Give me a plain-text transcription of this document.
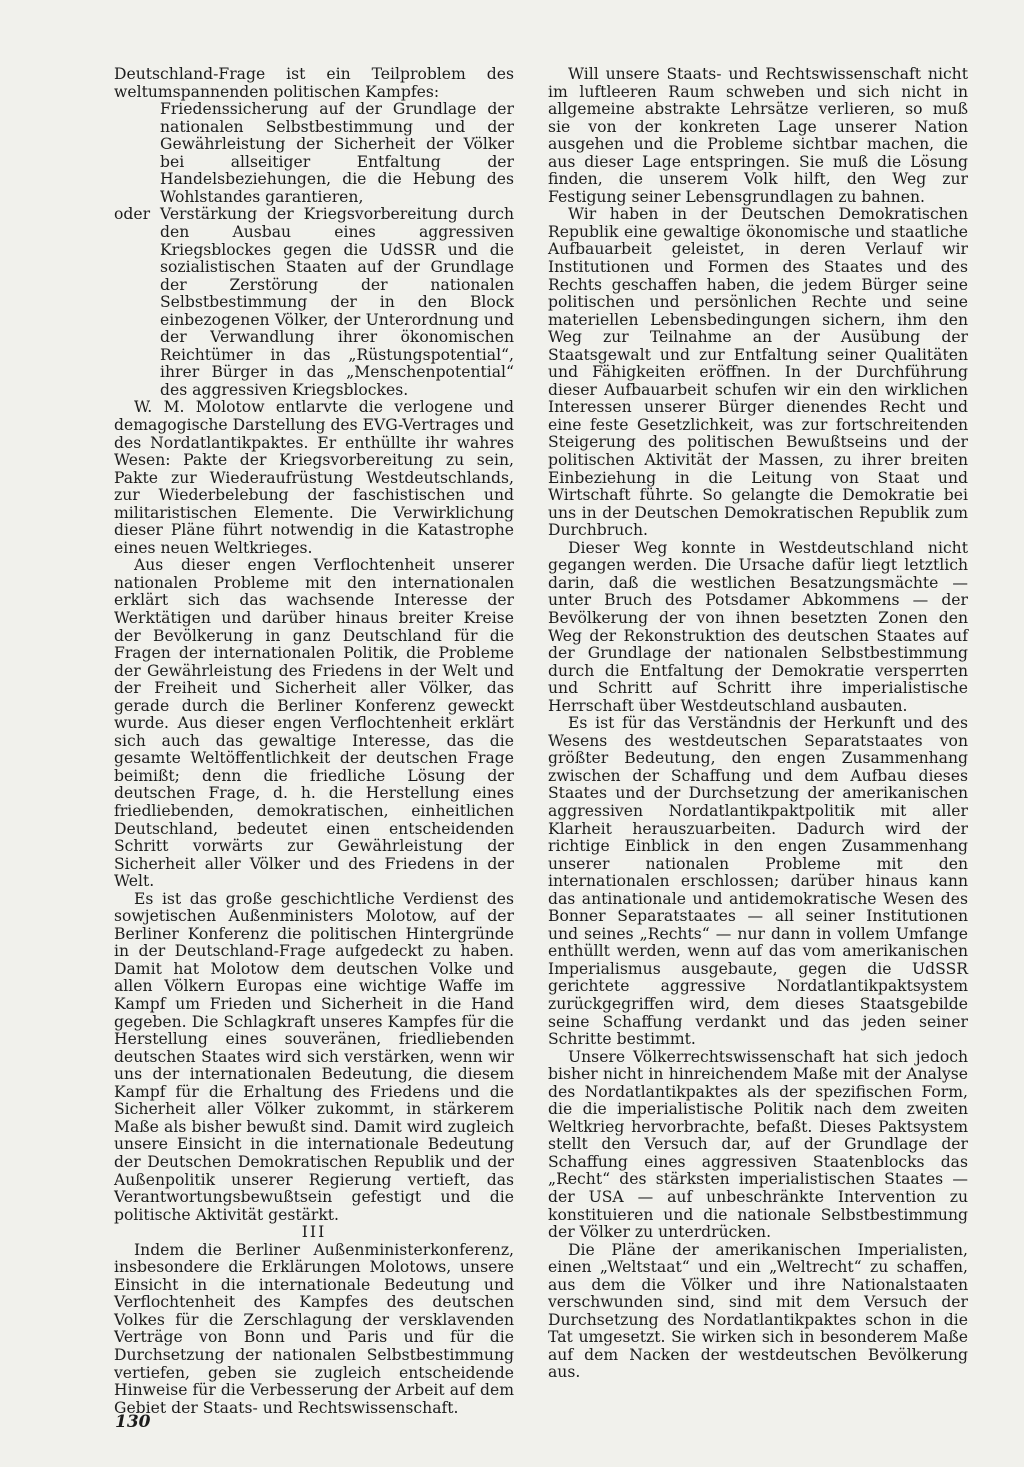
Deutschland-Frage ist ein Teilproblem des weltumspannenden politischen Kampfes:

Friedenssicherung auf der Grundlage der nationalen Selbstbestimmung und der Gewährleistung der Sicherheit der Völker bei allseitiger Entfaltung der Handelsbeziehungen, die die Hebung des Wohlstandes garantieren,

oder Verstärkung der Kriegsvorbereitung durch den Ausbau eines aggressiven Kriegsblockes gegen die UdSSR und die sozialistischen Staaten auf der Grundlage der Zerstörung der nationalen Selbstbestimmung der in den Block einbezogenen Völker, der Unterordnung und der Verwandlung ihrer ökonomischen Reichtümer in das „Rüstungspotential“, ihrer Bürger in das „Menschenpotential“ des aggressiven Kriegsblockes.

W. M. Molotow entlarvte die verlogene und demagogische Darstellung des EVG-Vertrages und des Nordatlantikpaktes. Er enthüllte ihr wahres Wesen: Pakte der Kriegsvorbereitung zu sein, Pakte zur Wiederaufrüstung Westdeutschlands, zur Wiederbelebung der faschistischen und militaristischen Elemente. Die Verwirklichung dieser Pläne führt notwendig in die Katastrophe eines neuen Weltkrieges.

Aus dieser engen Verflochtenheit unserer nationalen Probleme mit den internationalen erklärt sich das wachsende Interesse der Werktätigen und darüber hinaus breiter Kreise der Bevölkerung in ganz Deutschland für die Fragen der internationalen Politik, die Probleme der Gewährleistung des Friedens in der Welt und der Freiheit und Sicherheit aller Völker, das gerade durch die Berliner Konferenz geweckt wurde. Aus dieser engen Verflochtenheit erklärt sich auch das gewaltige Interesse, das die gesamte Weltöffentlichkeit der deutschen Frage beimißt; denn die friedliche Lösung der deutschen Frage, d. h. die Herstellung eines friedliebenden, demokratischen, einheitlichen Deutschland, bedeutet einen entscheidenden Schritt vorwärts zur Gewährleistung der Sicherheit aller Völker und des Friedens in der Welt.

Es ist das große geschichtliche Verdienst des sowjetischen Außenministers Molotow, auf der Berliner Konferenz die politischen Hintergründe in der Deutschland-Frage aufgedeckt zu haben. Damit hat Molotow dem deutschen Volke und allen Völkern Europas eine wichtige Waffe im Kampf um Frieden und Sicherheit in die Hand gegeben. Die Schlagkraft unseres Kampfes für die Herstellung eines souveränen, friedliebenden deutschen Staates wird sich verstärken, wenn wir uns der internationalen Bedeutung, die diesem Kampf für die Erhaltung des Friedens und die Sicherheit aller Völker zukommt, in stärkerem Maße als bisher bewußt sind. Damit wird zugleich unsere Einsicht in die internationale Bedeutung der Deutschen Demokratischen Republik und der Außenpolitik unserer Regierung vertieft, das Verantwortungsbewußtsein gefestigt und die politische Aktivität gestärkt.

III

Indem die Berliner Außenministerkonferenz, insbesondere die Erklärungen Molotows, unsere Einsicht in die internationale Bedeutung und Verflochtenheit des Kampfes des deutschen Volkes für die Zerschlagung der versklavenden Verträge von Bonn und Paris und für die Durchsetzung der nationalen Selbstbestimmung vertiefen, geben sie zugleich entscheidende Hinweise für die Verbesserung der Arbeit auf dem Gebiet der Staats- und Rechtswissenschaft.

Will unsere Staats- und Rechtswissenschaft nicht im luftleeren Raum schweben und sich nicht in allgemeine abstrakte Lehrsätze verlieren, so muß sie von der konkreten Lage unserer Nation ausgehen und die Probleme sichtbar machen, die aus dieser Lage entspringen. Sie muß die Lösung finden, die unserem Volk hilft, den Weg zur Festigung seiner Lebensgrundlagen zu bahnen.

Wir haben in der Deutschen Demokratischen Republik eine gewaltige ökonomische und staatliche Aufbauarbeit geleistet, in deren Verlauf wir Institutionen und Formen des Staates und des Rechts geschaffen haben, die jedem Bürger seine politischen und persönlichen Rechte und seine materiellen Lebensbedingungen sichern, ihm den Weg zur Teilnahme an der Ausübung der Staatsgewalt und zur Entfaltung seiner Qualitäten und Fähigkeiten eröffnen. In der Durchführung dieser Aufbauarbeit schufen wir ein den wirklichen Interessen unserer Bürger dienendes Recht und eine feste Gesetzlichkeit, was zur fortschreitenden Steigerung des politischen Bewußtseins und der politischen Aktivität der Massen, zu ihrer breiten Einbeziehung in die Leitung von Staat und Wirtschaft führte. So gelangte die Demokratie bei uns in der Deutschen Demokratischen Republik zum Durchbruch.

Dieser Weg konnte in Westdeutschland nicht gegangen werden. Die Ursache dafür liegt letztlich darin, daß die westlichen Besatzungsmächte — unter Bruch des Potsdamer Abkommens — der Bevölkerung der von ihnen besetzten Zonen den Weg der Rekonstruktion des deutschen Staates auf der Grundlage der nationalen Selbstbestimmung durch die Entfaltung der Demokratie versperrten und Schritt auf Schritt ihre imperialistische Herrschaft über Westdeutschland ausbauten.

Es ist für das Verständnis der Herkunft und des Wesens des westdeutschen Separatstaates von größter Bedeutung, den engen Zusammenhang zwischen der Schaffung und dem Aufbau dieses Staates und der Durchsetzung der amerikanischen aggressiven Nordatlantikpaktpolitik mit aller Klarheit herauszuarbeiten. Dadurch wird der richtige Einblick in den engen Zusammenhang unserer nationalen Probleme mit den internationalen erschlossen; darüber hinaus kann das antinationale und antidemokratische Wesen des Bonner Separatstaates — all seiner Institutionen und seines „Rechts“ — nur dann in vollem Umfange enthüllt werden, wenn auf das vom amerikanischen Imperialismus ausgebaute, gegen die UdSSR gerichtete aggressive Nordatlantikpaktsystem zurückgegriffen wird, dem dieses Staatsgebilde seine Schaffung verdankt und das jeden seiner Schritte bestimmt.

Unsere Völkerrechtswissenschaft hat sich jedoch bisher nicht in hinreichendem Maße mit der Analyse des Nordatlantikpaktes als der spezifischen Form, die die imperialistische Politik nach dem zweiten Weltkrieg hervorbrachte, befaßt. Dieses Paktsystem stellt den Versuch dar, auf der Grundlage der Schaffung eines aggressiven Staatenblocks das „Recht“ des stärksten imperialistischen Staates — der USA — auf unbeschränkte Intervention zu konstituieren und die nationale Selbstbestimmung der Völker zu unterdrücken.

Die Pläne der amerikanischen Imperialisten, einen „Weltstaat“ und ein „Weltrecht“ zu schaffen, aus dem die Völker und ihre Nationalstaaten verschwunden sind, sind mit dem Versuch der Durchsetzung des Nordatlantikpaktes schon in die Tat umgesetzt. Sie wirken sich in besonderem Maße auf dem Nacken der westdeutschen Bevölkerung aus.

130
